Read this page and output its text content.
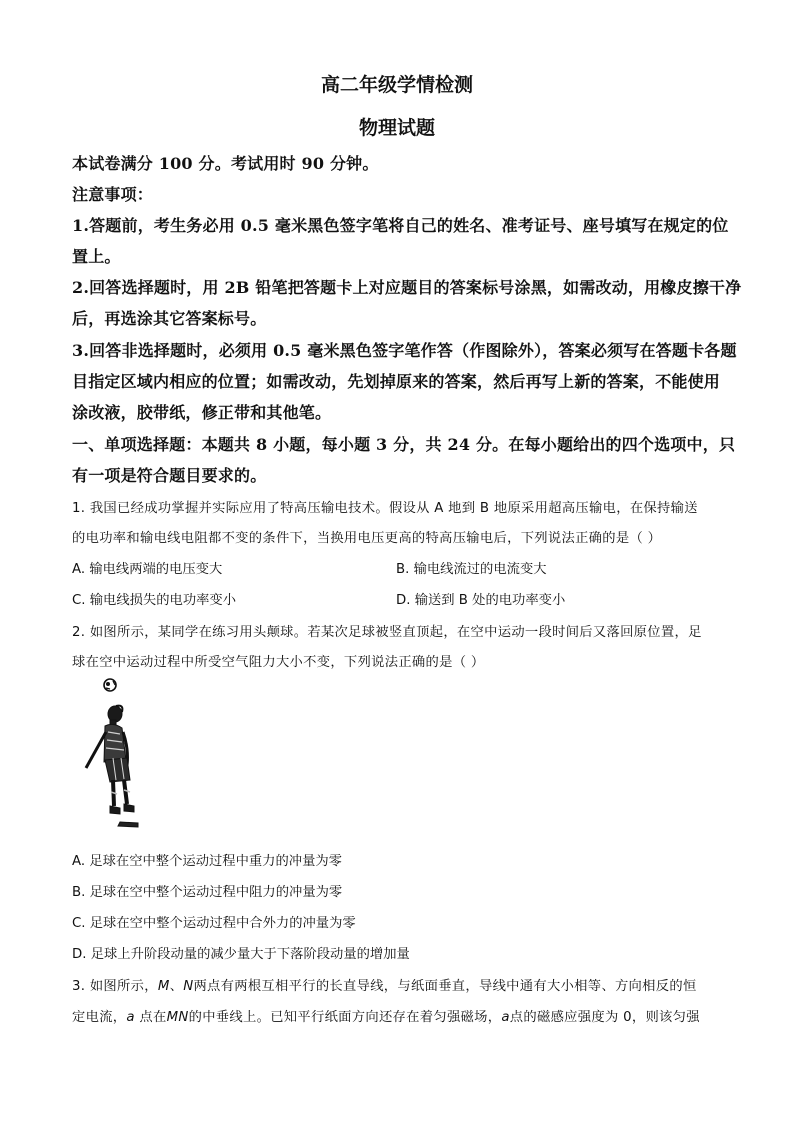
高二年级学情检测
物理试题
本试卷满分 100 分。考试用时 90 分钟。
注意事项：
1.答题前，考生务必用 0.5 毫米黑色签字笔将自己的姓名、准考证号、座号填写在规定的位
置上。
2.回答选择题时，用 2B 铅笔把答题卡上对应题目的答案标号涂黑，如需改动，用橡皮擦干净
后，再选涂其它答案标号。
3.回答非选择题时，必须用 0.5 毫米黑色签字笔作答（作图除外），答案必须写在答题卡各题
目指定区域内相应的位置；如需改动，先划掉原来的答案，然后再写上新的答案，不能使用
涂改液，胶带纸，修正带和其他笔。
一、单项选择题：本题共 8 小题，每小题 3 分，共 24 分。在每小题给出的四个选项中，只
有一项是符合题目要求的。
1. 我国已经成功掌握并实际应用了特高压输电技术。假设从 A 地到 B 地原采用超高压输电，在保持输送
的电功率和输电线电阻都不变的条件下，当换用电压更高的特高压输电后，下列说法正确的是（ ）
A. 输电线两端的电压变大	B. 输电线流过的电流变大
C. 输电线损失的电功率变小	D. 输送到 B 处的电功率变小
2. 如图所示，某同学在练习用头颠球。若某次足球被竖直顶起，在空中运动一段时间后又落回原位置，足
球在空中运动过程中所受空气阻力大小不变，下列说法正确的是（ ）
A. 足球在空中整个运动过程中重力的冲量为零
B. 足球在空中整个运动过程中阻力的冲量为零
C. 足球在空中整个运动过程中合外力的冲量为零
D. 足球上升阶段动量的减少量大于下落阶段动量的增加量
3. 如图所示，M、N两点有两根互相平行的长直导线，与纸面垂直，导线中通有大小相等、方向相反的恒
定电流，a 点在MN的中垂线上。已知平行纸面方向还存在着匀强磁场，a点的磁感应强度为 0，则该匀强
